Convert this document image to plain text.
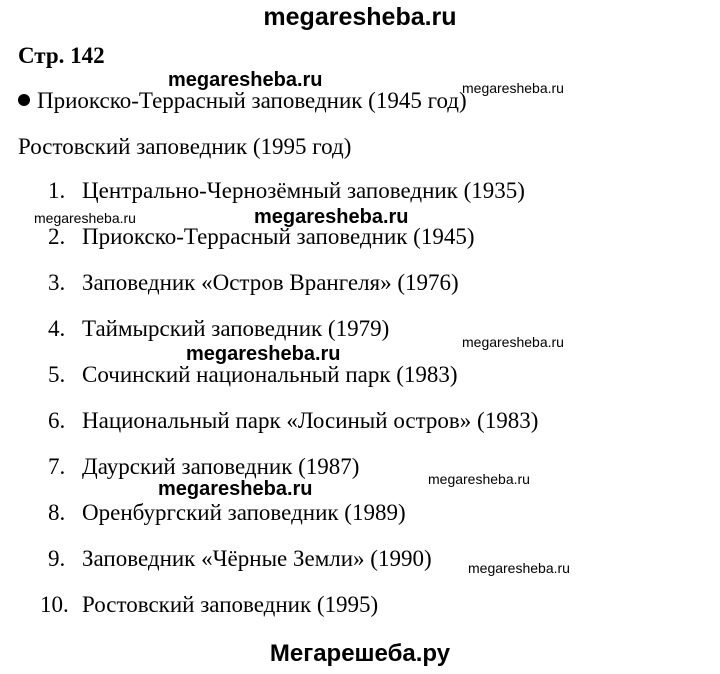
megaresheba.ru
Стр. 142
Приокско-Террасный заповедник (1945 год)
Ростовский заповедник (1995 год)
1. Центрально-Чернозёмный заповедник (1935)
2. Приокско-Террасный заповедник (1945)
3. Заповедник «Остров Врангеля» (1976)
4. Таймырский заповедник (1979)
5. Сочинский национальный парк (1983)
6. Национальный парк «Лосиный остров» (1983)
7. Даурский заповедник (1987)
8. Оренбургский заповедник (1989)
9. Заповедник «Чёрные Земли» (1990)
10. Ростовский заповедник (1995)
megaresheba.ru	megaresheba.ru
megaresheba.ru	megaresheba.ru
megaresheba.ru
megaresheba.ru
megaresheba.ru
megaresheba.ru
megaresheba.ru
Мегарешеба.ру
